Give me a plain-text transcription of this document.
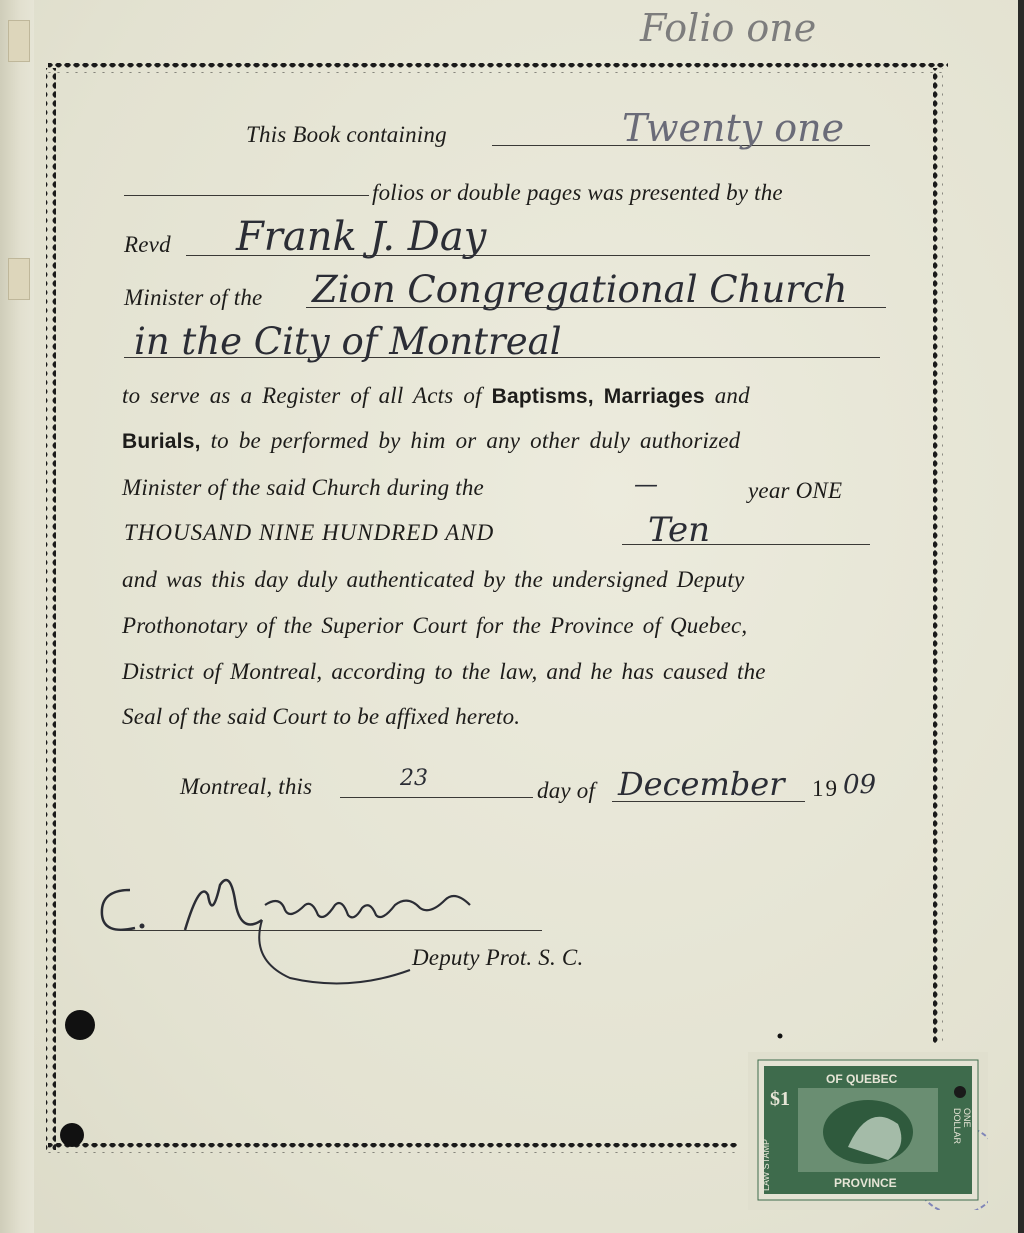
Folio one
This Book containing	Twenty one
folios or double pages was presented by the
Revd Frank J. Day
Minister of the Zion Congregational Church
in the City of Montreal
to serve as a Register of all Acts of Baptisms, Marriages and
Burials, to be performed by him or any other duly authorized
Minister of the said Church during the	—	year ONE
THOUSAND NINE HUNDRED AND	Ten
and was this day duly authenticated by the undersigned Deputy
Prothonotary of the Superior Court for the Province of Quebec,
District of Montreal, according to the law, and he has caused the
Seal of the said Court to be affixed hereto.
Montreal, this	23	day of December 19 09
Deputy Prot. S. C.
OF QUEBEC
PROVINCE
$1
LAW STAMP
ONE DOLLAR
